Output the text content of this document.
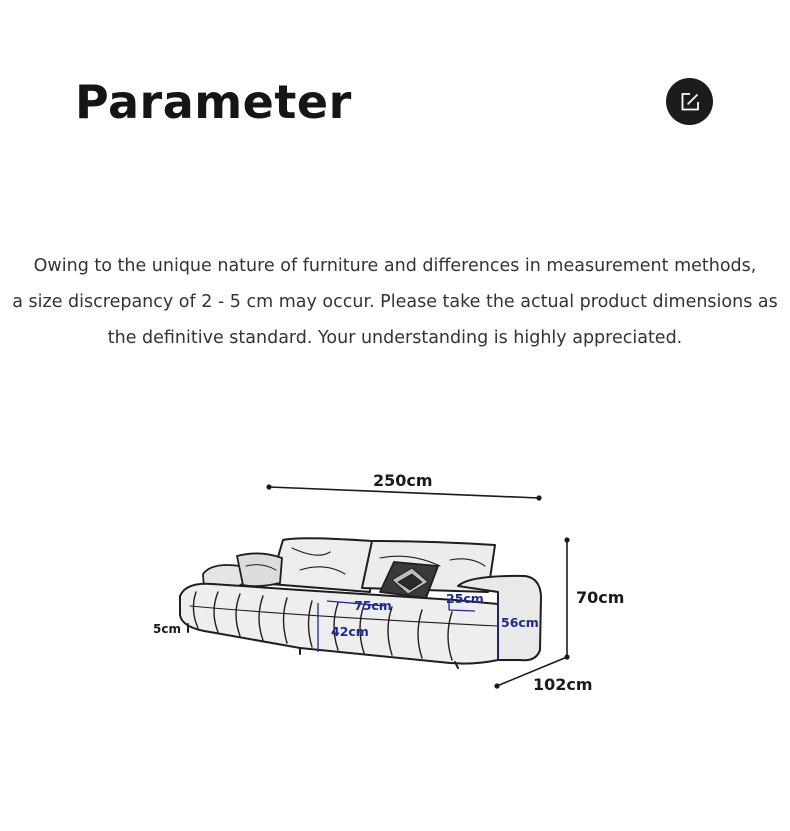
Parameter

Owing to the unique nature of furniture and differences in measurement methods,

a size discrepancy of 2 - 5 cm may occur. Please take the actual product dimensions as

the definitive standard. Your understanding is highly appreciated.

250cm
70cm
102cm
75cm
42cm
25cm
56cm
5cm
